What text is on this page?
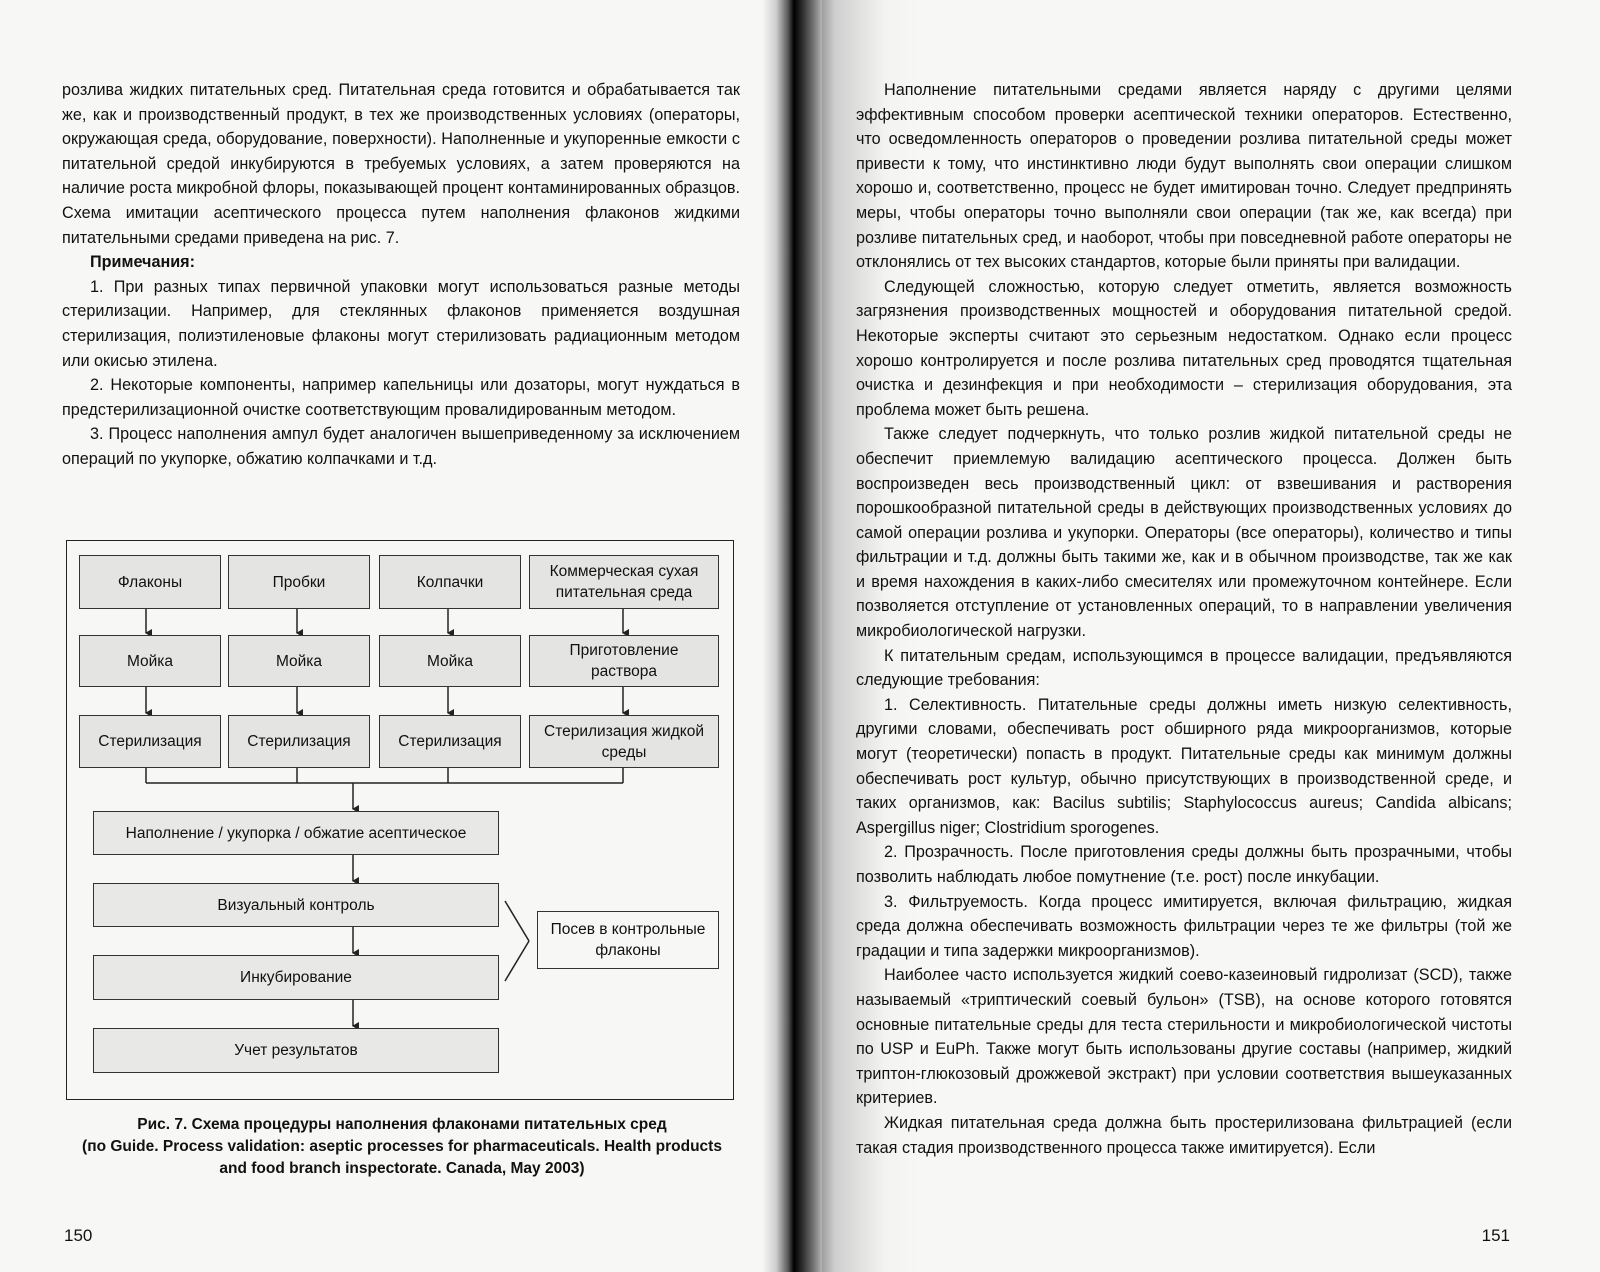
розлива жидких питательных сред. Питательная среда готовится и обрабатывается так же, как и производственный продукт, в тех же производственных условиях (операторы, окружающая среда, оборудование, поверхности). Наполненные и укупоренные емкости с питательной средой инкубируются в требуемых условиях, а затем проверяются на наличие роста микробной флоры, показывающей процент контаминированных образцов. Схема имитации асептического процесса путем наполнения флаконов жидкими питательными средами приведена на рис. 7.

Примечания:

1. При разных типах первичной упаковки могут использоваться разные методы стерилизации. Например, для стеклянных флаконов применяется воздушная стерилизация, полиэтиленовые флаконы могут стерилизовать радиационным методом или окисью этилена.

2. Некоторые компоненты, например капельницы или дозаторы, могут нуждаться в предстерилизационной очистке соответствующим провалидированным методом.

3. Процесс наполнения ампул будет аналогичен вышеприведенному за исключением операций по укупорке, обжатию колпачками и т.д.

Флаконы	Пробки	Колпачки
Коммерческая сухая питательная среда
Мойка	Мойка	Мойка
Приготовление раствора
Стерилизация	Стерилизация	Стерилизация
Стерилизация жидкой среды
Наполнение / укупорка / обжатие асептическое
Визуальный контроль
Инкубирование
Учет результатов
Посев в контрольные флаконы
Рис. 7. Схема процедуры наполнения флаконами питательных сред
(по Guide. Process validation: aseptic processes for pharmaceuticals. Health products
and food branch inspectorate. Canada, May 2003)
150

Наполнение питательными средами является наряду с другими целями эффективным способом проверки асептической техники операторов. Естественно, что осведомленность операторов о проведении розлива питательной среды может привести к тому, что инстинктивно люди будут выполнять свои операции слишком хорошо и, соответственно, процесс не будет имитирован точно. Следует предпринять меры, чтобы операторы точно выполняли свои операции (так же, как всегда) при розливе питательных сред, и наоборот, чтобы при повседневной работе операторы не отклонялись от тех высоких стандартов, которые были приняты при валидации.

Следующей сложностью, которую следует отметить, является возможность загрязнения производственных мощностей и оборудования питательной средой. Некоторые эксперты считают это серьезным недостатком. Однако если процесс хорошо контролируется и после розлива питательных сред проводятся тщательная очистка и дезинфекция и при необходимости – стерилизация оборудования, эта проблема может быть решена.

Также следует подчеркнуть, что только розлив жидкой питательной среды не обеспечит приемлемую валидацию асептического процесса. Должен быть воспроизведен весь производственный цикл: от взвешивания и растворения порошкообразной питательной среды в действующих производственных условиях до самой операции розлива и укупорки. Операторы (все операторы), количество и типы фильтрации и т.д. должны быть такими же, как и в обычном производстве, так же как и время нахождения в каких-либо смесителях или промежуточном контейнере. Если позволяется отступление от установленных операций, то в направлении увеличения микробиологической нагрузки.

К питательным средам, использующимся в процессе валидации, предъявляются следующие требования:

1. Селективность. Питательные среды должны иметь низкую селективность, другими словами, обеспечивать рост обширного ряда микроорганизмов, которые могут (теоретически) попасть в продукт. Питательные среды как минимум должны обеспечивать рост культур, обычно присутствующих в производственной среде, и таких организмов, как: Bacilus subtilis; Staphylococcus aureus; Candida albicans; Aspergillus niger; Clostridium sporogenes.

2. Прозрачность. После приготовления среды должны быть прозрачными, чтобы позволить наблюдать любое помутнение (т.е. рост) после инкубации.

3. Фильтруемость. Когда процесс имитируется, включая фильтрацию, жидкая среда должна обеспечивать возможность фильтрации через те же фильтры (той же градации и типа задержки микроорганизмов).

Наиболее часто используется жидкий соево-казеиновый гидролизат (SCD), также называемый «триптический соевый бульон» (TSB), на основе которого готовятся основные питательные среды для теста стерильности и микробиологической чистоты по USP и EuPh. Также могут быть использованы другие составы (например, жидкий триптон-глюкозовый дрожжевой экстракт) при условии соответствия вышеуказанных критериев.

Жидкая питательная среда должна быть простерилизована фильтрацией (если такая стадия производственного процесса также имитируется). Если

151
